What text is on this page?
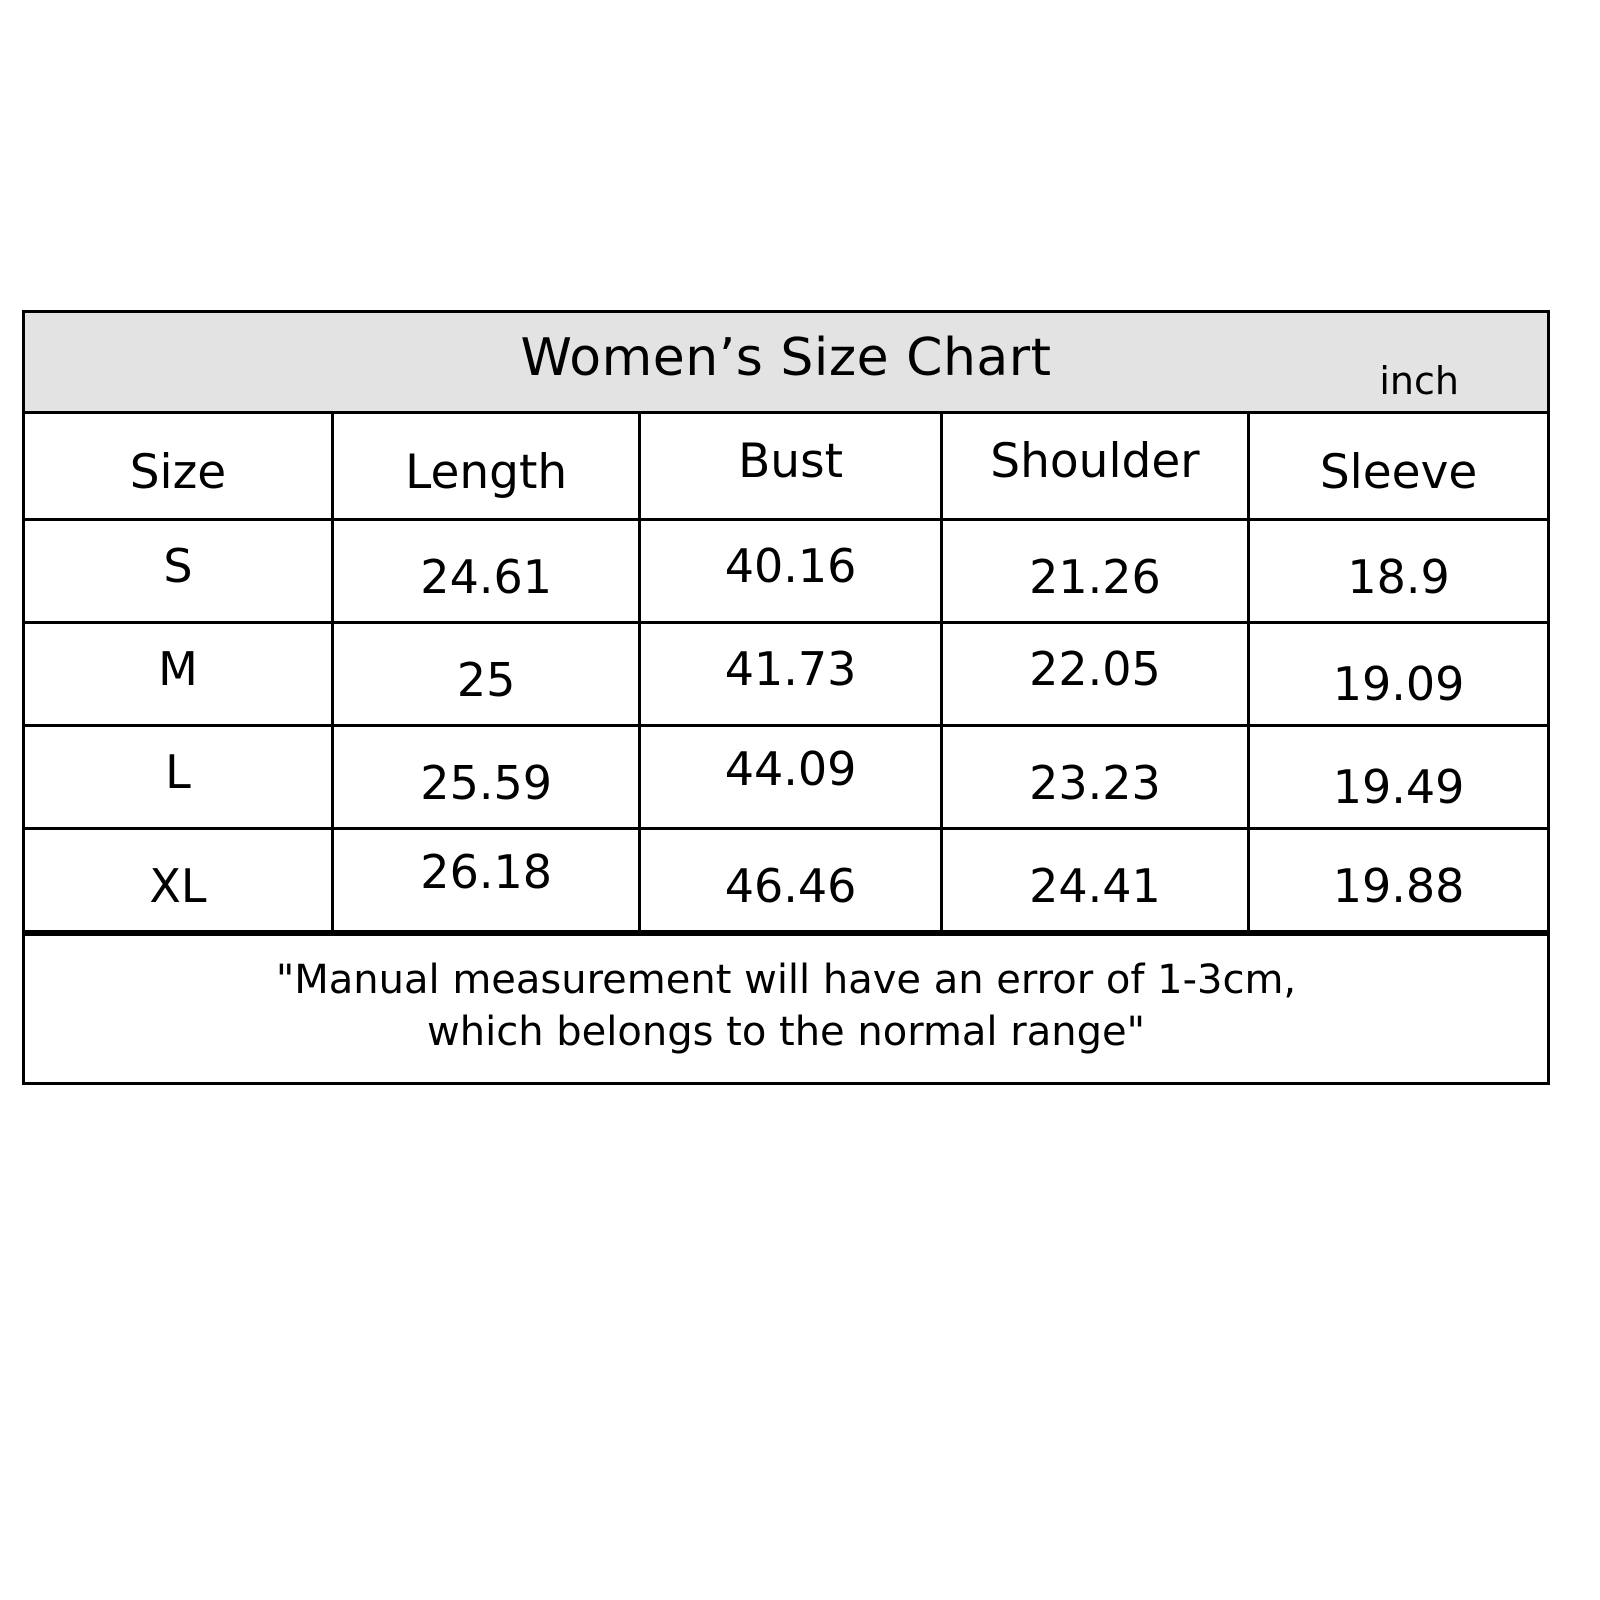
Women’s Size Chart	inch
Size	Length	Bust	Shoulder	Sleeve
S	24.61	40.16	21.26	18.9
M	25	41.73	22.05	19.09
L	25.59	44.09	23.23	19.49
XL	26.18	46.46	24.41	19.88
"Manual measurement will have an error of 1-3cm,
which belongs to the normal range"
